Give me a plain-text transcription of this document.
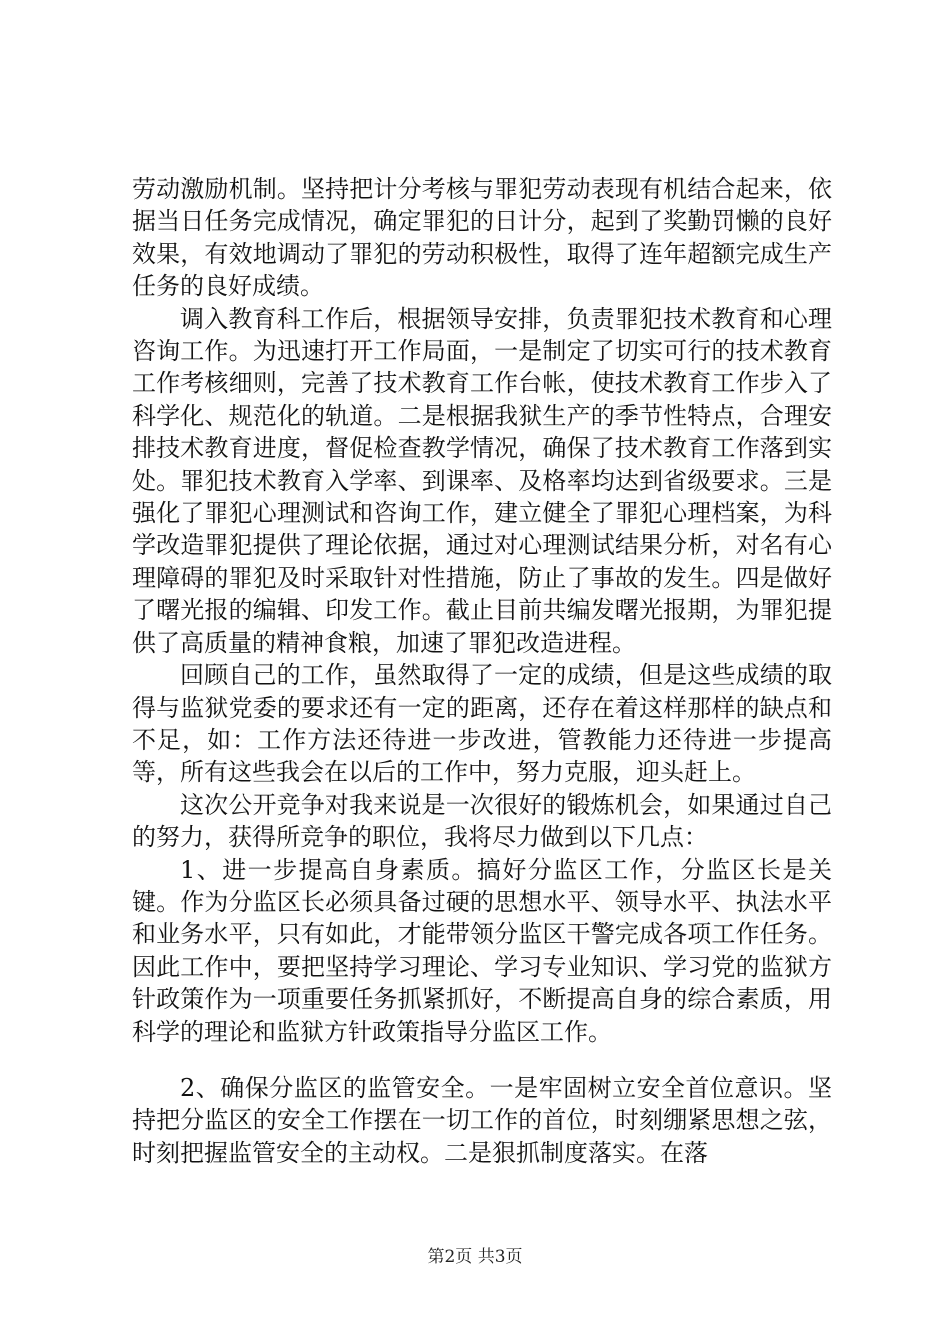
劳动激励机制。坚持把计分考核与罪犯劳动表现有机结合起来，依据当日任务完成情况，确定罪犯的日计分，起到了奖勤罚懒的良好效果，有效地调动了罪犯的劳动积极性，取得了连年超额完成生产任务的良好成绩。

调入教育科工作后，根据领导安排，负责罪犯技术教育和心理咨询工作。为迅速打开工作局面，一是制定了切实可行的技术教育工作考核细则，完善了技术教育工作台帐，使技术教育工作步入了科学化、规范化的轨道。二是根据我狱生产的季节性特点，合理安排技术教育进度，督促检查教学情况，确保了技术教育工作落到实处。罪犯技术教育入学率、到课率、及格率均达到省级要求。三是强化了罪犯心理测试和咨询工作，建立健全了罪犯心理档案，为科学改造罪犯提供了理论依据，通过对心理测试结果分析，对名有心理障碍的罪犯及时采取针对性措施，防止了事故的发生。四是做好了曙光报的编辑、印发工作。截止目前共编发曙光报期，为罪犯提供了高质量的精神食粮，加速了罪犯改造进程。

回顾自己的工作，虽然取得了一定的成绩，但是这些成绩的取得与监狱党委的要求还有一定的距离，还存在着这样那样的缺点和不足，如：工作方法还待进一步改进，管教能力还待进一步提高等，所有这些我会在以后的工作中，努力克服，迎头赶上。

这次公开竞争对我来说是一次很好的锻炼机会，如果通过自己的努力，获得所竞争的职位，我将尽力做到以下几点：

1、进一步提高自身素质。搞好分监区工作，分监区长是关键。作为分监区长必须具备过硬的思想水平、领导水平、执法水平和业务水平，只有如此，才能带领分监区干警完成各项工作任务。因此工作中，要把坚持学习理论、学习专业知识、学习党的监狱方针政策作为一项重要任务抓紧抓好，不断提高自身的综合素质，用科学的理论和监狱方针政策指导分监区工作。

2、确保分监区的监管安全。一是牢固树立安全首位意识。坚持把分监区的安全工作摆在一切工作的首位，时刻绷紧思想之弦，时刻把握监管安全的主动权。二是狠抓制度落实。在落

第2页 共3页
